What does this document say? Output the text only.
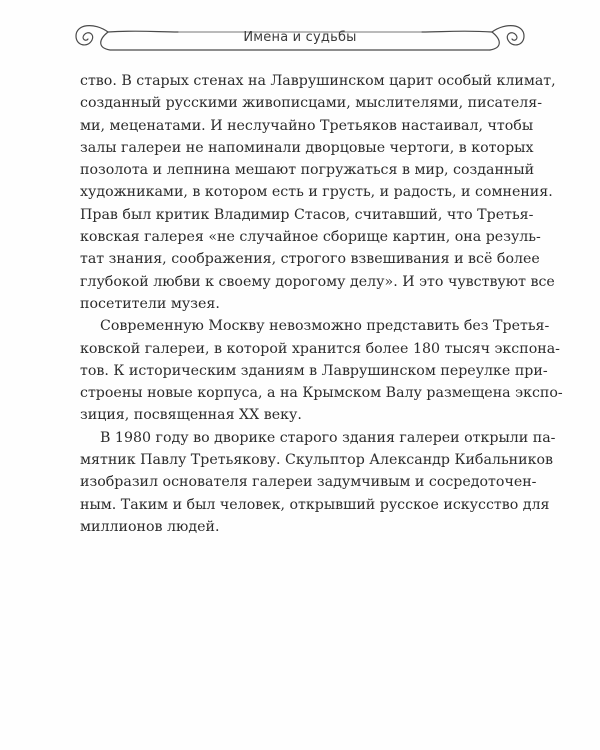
Имена и судьбы
ство. В старых стенах на Лаврушинском царит особый климат,
созданный русскими живописцами, мыслителями, писателя-
ми, меценатами. И неслучайно Третьяков настаивал, чтобы
залы галереи не напоминали дворцовые чертоги, в которых
позолота и лепнина мешают погружаться в мир, созданный
художниками, в котором есть и грусть, и радость, и сомнения.
Прав был критик Владимир Стасов, считавший, что Третья-
ковская галерея «не случайное сборище картин, она резуль-
тат знания, соображения, строгого взвешивания и всё более
глубокой любви к своему дорогому делу». И это чувствуют все
посетители музея.
Современную Москву невозможно представить без Третья-
ковской галереи, в которой хранится более 180 тысяч экспона-
тов. К историческим зданиям в Лаврушинском переулке при-
строены новые корпуса, а на Крымском Валу размещена экспо-
зиция, посвященная XX веку.
В 1980 году во дворике старого здания галереи открыли па-
мятник Павлу Третьякову. Скульптор Александр Кибальников
изобразил основателя галереи задумчивым и сосредоточен-
ным. Таким и был человек, открывший русское искусство для
миллионов людей.
